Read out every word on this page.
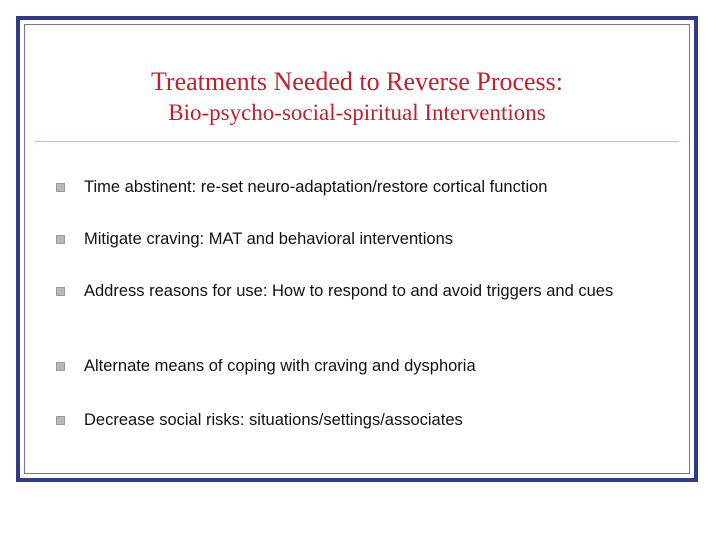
Treatments Needed to Reverse Process:
Bio-psycho-social-spiritual Interventions
Time abstinent: re-set neuro-adaptation/restore cortical function
Mitigate craving: MAT and behavioral interventions
Address reasons for use: How to respond to and avoid triggers and cues
Alternate means of coping with craving and dysphoria
Decrease social risks: situations/settings/associates
